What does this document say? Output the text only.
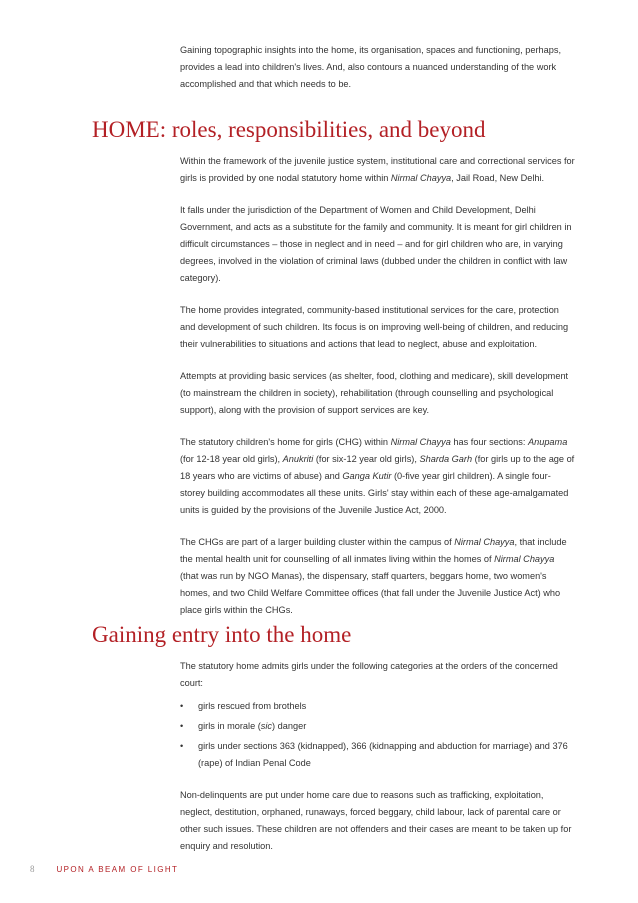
Gaining topographic insights into the home, its organisation, spaces and functioning, perhaps, provides a lead into children's lives. And, also contours a nuanced understanding of the work accomplished and that which needs to be.
HOME: roles, responsibilities, and beyond

Within the framework of the juvenile justice system, institutional care and correctional services for girls is provided by one nodal statutory home within Nirmal Chayya, Jail Road, New Delhi.

It falls under the jurisdiction of the Department of Women and Child Development, Delhi Government, and acts as a substitute for the family and community. It is meant for girl children in difficult circumstances – those in neglect and in need – and for girl children who are, in varying degrees, involved in the violation of criminal laws (dubbed under the children in conflict with law category).

The home provides integrated, community-based institutional services for the care, protection and development of such children. Its focus is on improving well-being of children, and reducing their vulnerabilities to situations and actions that lead to neglect, abuse and exploitation.

Attempts at providing basic services (as shelter, food, clothing and medicare), skill development (to mainstream the children in society), rehabilitation (through counselling and psychological support), along with the provision of support services are key.

The statutory children's home for girls (CHG) within Nirmal Chayya has four sections: Anupama (for 12-18 year old girls), Anukriti (for six-12 year old girls), Sharda Garh (for girls up to the age of 18 years who are victims of abuse) and Ganga Kutir (0-five year girl children). A single four-storey building accommodates all these units. Girls' stay within each of these age-amalgamated units is guided by the provisions of the Juvenile Justice Act, 2000.

The CHGs are part of a larger building cluster within the campus of Nirmal Chayya, that include the mental health unit for counselling of all inmates living within the homes of Nirmal Chayya (that was run by NGO Manas), the dispensary, staff quarters, beggars home, two women's homes, and two Child Welfare Committee offices (that fall under the Juvenile Justice Act) who place girls within the CHGs.

Gaining entry into the home

The statutory home admits girls under the following categories at the orders of the concerned court:

• girls rescued from brothels
• girls in morale (sic) danger
• girls under sections 363 (kidnapped), 366 (kidnapping and abduction for marriage) and 376 (rape) of Indian Penal Code

Non-delinquents are put under home care due to reasons such as trafficking, exploitation, neglect, destitution, orphaned, runaways, forced beggary, child labour, lack of parental care or other such issues. These children are not offenders and their cases are meant to be taken up for enquiry and resolution.

8	UPON A BEAM OF LIGHT
